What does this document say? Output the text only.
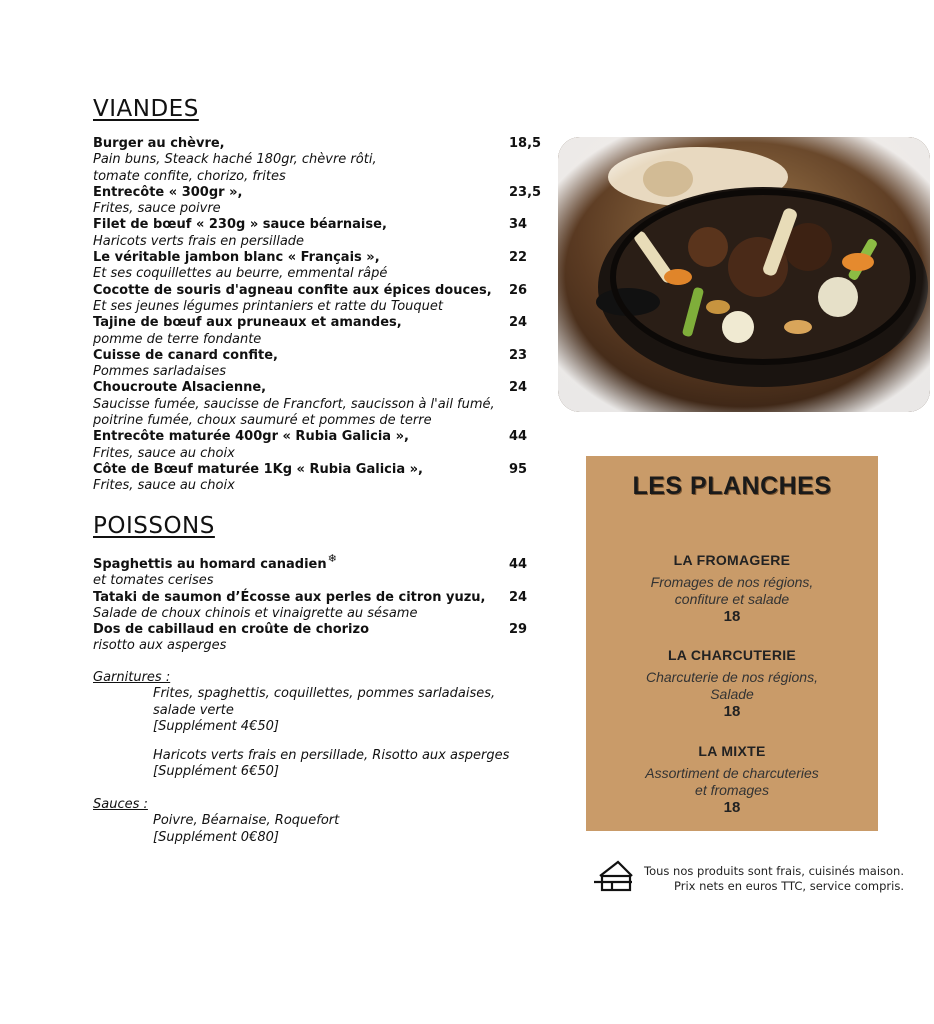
VIANDES
Burger au chèvre,	18,5
Pain buns, Steack haché 180gr, chèvre rôti,
tomate confite, chorizo, frites
Entrecôte « 300gr »,	23,5
Frites, sauce poivre
Filet de bœuf « 230g » sauce béarnaise,	34
Haricots verts frais en persillade
Le véritable jambon blanc « Français »,	22
Et ses coquillettes au beurre, emmental râpé
Cocotte de souris d'agneau confite aux épices douces,	26
Et ses jeunes légumes printaniers et ratte du Touquet
Tajine de bœuf aux pruneaux et amandes,	24
pomme de terre fondante
Cuisse de canard confite,	23
Pommes sarladaises
Choucroute Alsacienne,	24
Saucisse fumée, saucisse de Francfort, saucisson à l'ail fumé,
poitrine fumée, choux saumuré et pommes de terre
Entrecôte maturée 400gr « Rubia Galicia »,	44
Frites, sauce au choix
Côte de Bœuf maturée 1Kg « Rubia Galicia »,	95
Frites, sauce au choix
POISSONS
Spaghettis au homard canadien❄	44
et tomates cerises
Tataki de saumon d’Écosse aux perles de citron yuzu,	24
Salade de choux chinois et vinaigrette au sésame
Dos de cabillaud en croûte de chorizo	29
risotto aux asperges
Garnitures :
Frites, spaghettis, coquillettes, pommes sarladaises,
salade verte
[Supplément 4€50]
Haricots verts frais en persillade, Risotto aux asperges
[Supplément 6€50]
Sauces :
Poivre, Béarnaise, Roquefort
[Supplément 0€80]
LES PLANCHES
LA FROMAGERE
Fromages de nos régions,
confiture et salade
18
LA CHARCUTERIE
Charcuterie de nos régions,
Salade
18
LA MIXTE
Assortiment de charcuteries
et fromages
18
Tous nos produits sont frais, cuisinés maison.
Prix nets en euros TTC, service compris.
